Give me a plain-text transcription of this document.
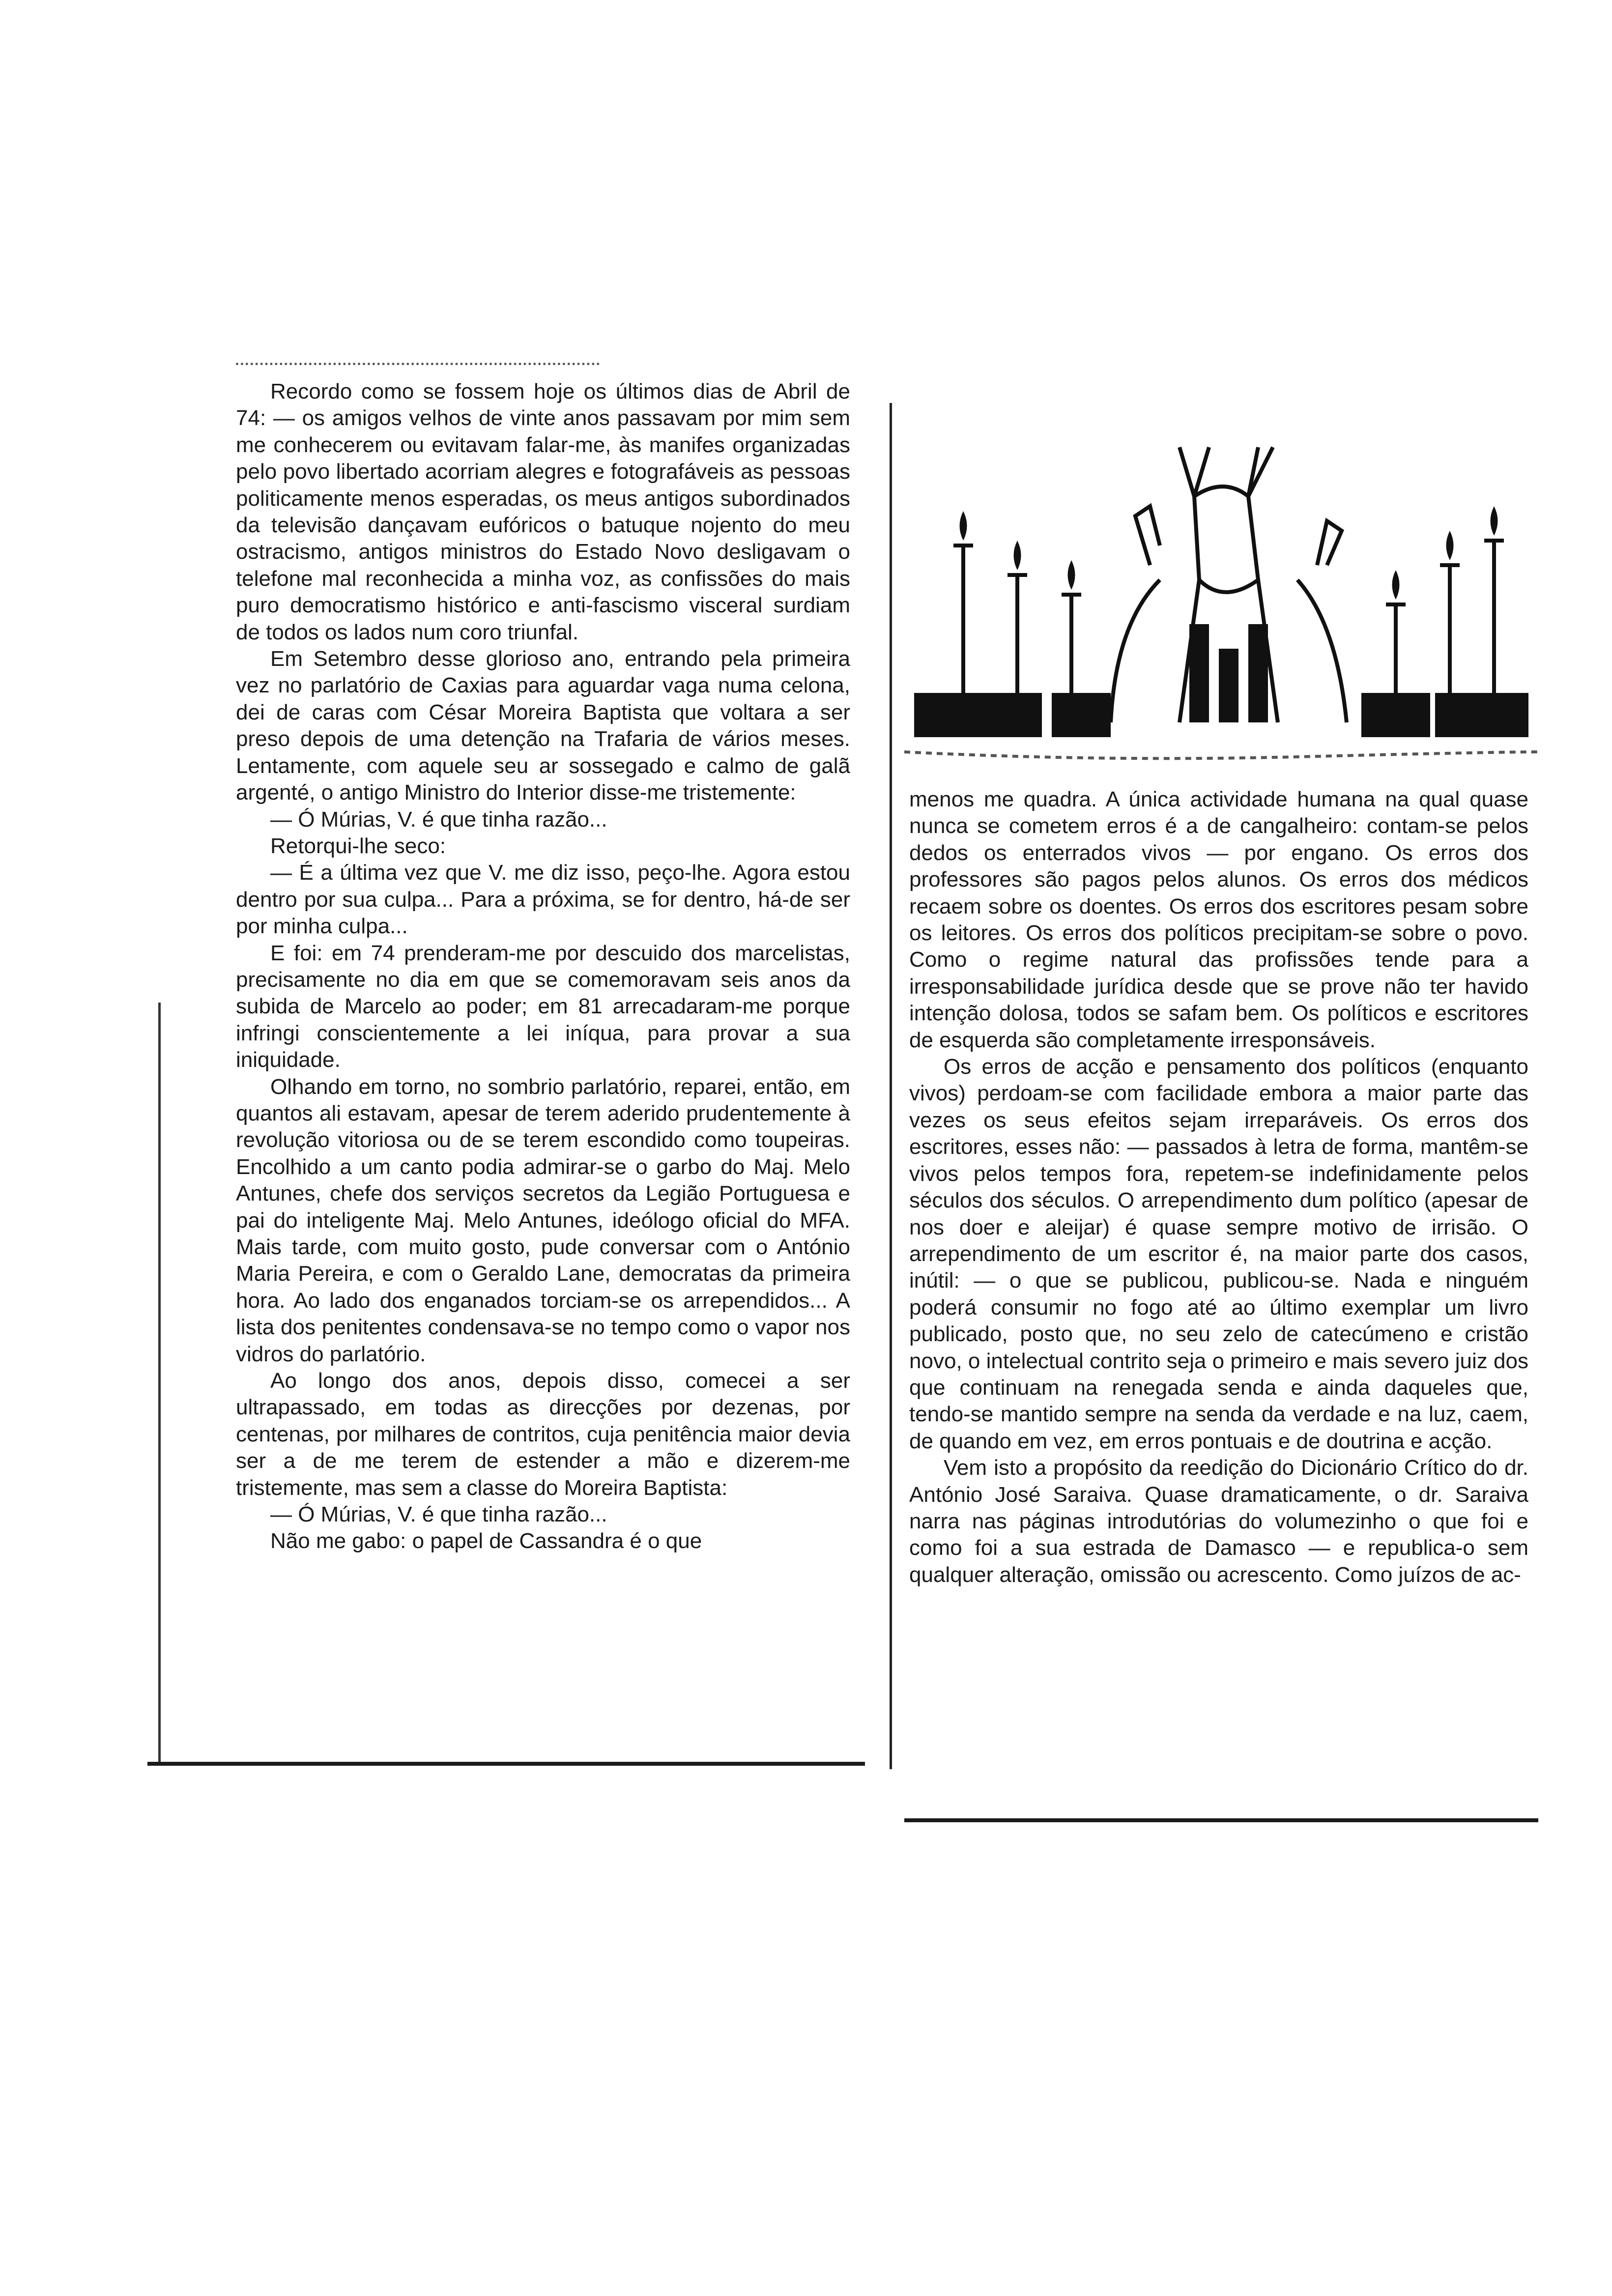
Recordo como se fossem hoje os últimos dias de Abril de 74: — os amigos velhos de vinte anos passavam por mim sem me conhecerem ou evitavam falar-me, às manifes organizadas pelo povo libertado acorriam alegres e fotografáveis as pessoas politicamente menos esperadas, os meus antigos subordinados da televisão dançavam eufóricos o batuque nojento do meu ostracismo, antigos ministros do Estado Novo desligavam o telefone mal reconhecida a minha voz, as confissões do mais puro democratismo histórico e anti-fascismo visceral surdiam de todos os lados num coro triunfal.

Em Setembro desse glorioso ano, entrando pela primeira vez no parlatório de Caxias para aguardar vaga numa celona, dei de caras com César Moreira Baptista que voltara a ser preso depois de uma detenção na Trafaria de vários meses. Lentamente, com aquele seu ar sossegado e calmo de galã argenté, o antigo Ministro do Interior disse-me tristemente:

— Ó Múrias, V. é que tinha razão...

Retorqui-lhe seco:

— É a última vez que V. me diz isso, peço-lhe. Agora estou dentro por sua culpa... Para a próxima, se for dentro, há-de ser por minha culpa...

E foi: em 74 prenderam-me por descuido dos marcelistas, precisamente no dia em que se comemoravam seis anos da subida de Marcelo ao poder; em 81 arrecadaram-me porque infringi conscientemente a lei iníqua, para provar a sua iniquidade.

Olhando em torno, no sombrio parlatório, reparei, então, em quantos ali estavam, apesar de terem aderido prudentemente à revolução vitoriosa ou de se terem escondido como toupeiras. Encolhido a um canto podia admirar-se o garbo do Maj. Melo Antunes, chefe dos serviços secretos da Legião Portuguesa e pai do inteligente Maj. Melo Antunes, ideólogo oficial do MFA. Mais tarde, com muito gosto, pude conversar com o António Maria Pereira, e com o Geraldo Lane, democratas da primeira hora. Ao lado dos enganados torciam-se os arrependidos... A lista dos penitentes condensava-se no tempo como o vapor nos vidros do parlatório.

Ao longo dos anos, depois disso, comecei a ser ultrapassado, em todas as direcções por dezenas, por centenas, por milhares de contritos, cuja penitência maior devia ser a de me terem de estender a mão e dizerem-me tristemente, mas sem a classe do Moreira Baptista:

— Ó Múrias, V. é que tinha razão...

Não me gabo: o papel de Cassandra é o que

menos me quadra. A única actividade humana na qual quase nunca se cometem erros é a de cangalheiro: contam-se pelos dedos os enterrados vivos — por engano. Os erros dos professores são pagos pelos alunos. Os erros dos médicos recaem sobre os doentes. Os erros dos escritores pesam sobre os leitores. Os erros dos políticos precipitam-se sobre o povo. Como o regime natural das profissões tende para a irresponsabilidade jurídica desde que se prove não ter havido intenção dolosa, todos se safam bem. Os políticos e escritores de esquerda são completamente irresponsáveis.

Os erros de acção e pensamento dos políticos (enquanto vivos) perdoam-se com facilidade embora a maior parte das vezes os seus efeitos sejam irreparáveis. Os erros dos escritores, esses não: — passados à letra de forma, mantêm-se vivos pelos tempos fora, repetem-se indefinidamente pelos séculos dos séculos. O arrependimento dum político (apesar de nos doer e aleijar) é quase sempre motivo de irrisão. O arrependimento de um escritor é, na maior parte dos casos, inútil: — o que se publicou, publicou-se. Nada e ninguém poderá consumir no fogo até ao último exemplar um livro publicado, posto que, no seu zelo de catecúmeno e cristão novo, o intelectual contrito seja o primeiro e mais severo juiz dos que continuam na renegada senda e ainda daqueles que, tendo-se mantido sempre na senda da verdade e na luz, caem, de quando em vez, em erros pontuais e de doutrina e acção.

Vem isto a propósito da reedição do Dicionário Crítico do dr. António José Saraiva. Quase dramaticamente, o dr. Saraiva narra nas páginas introdutórias do volumezinho o que foi e como foi a sua estrada de Damasco — e republica-o sem qualquer alteração, omissão ou acrescento. Como juízos de ac-
